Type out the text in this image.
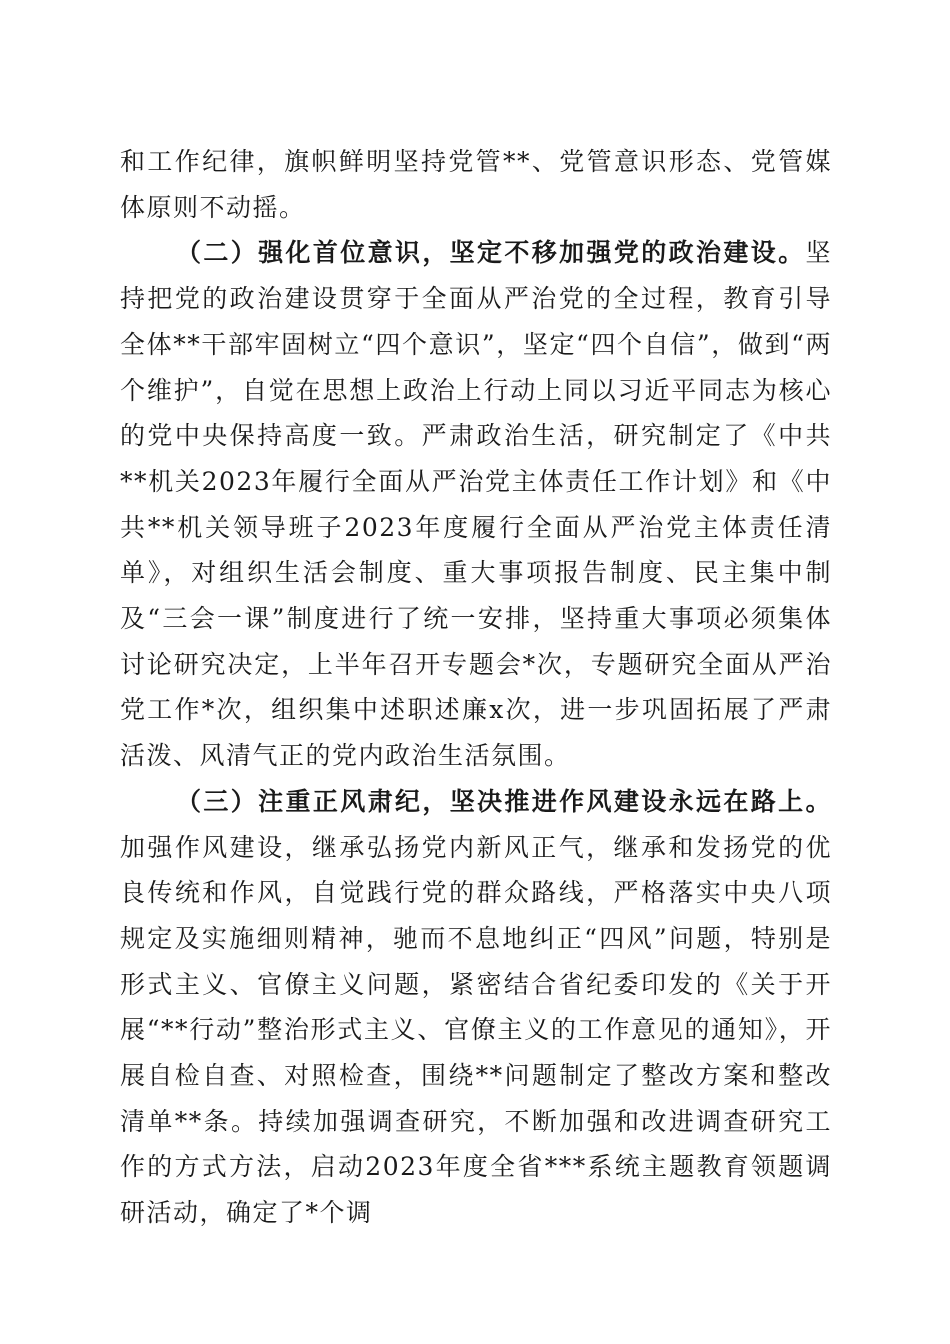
和工作纪律，旗帜鲜明坚持党管**、党管意识形态、党管媒体原则不动摇。

（二）强化首位意识，坚定不移加强党的政治建设。坚持把党的政治建设贯穿于全面从严治党的全过程，教育引导全体**干部牢固树立“四个意识”，坚定“四个自信”，做到“两个维护”，自觉在思想上政治上行动上同以习近平同志为核心的党中央保持高度一致。严肃政治生活，研究制定了《中共**机关2023年履行全面从严治党主体责任工作计划》和《中共**机关领导班子2023年度履行全面从严治党主体责任清单》，对组织生活会制度、重大事项报告制度、民主集中制及“三会一课”制度进行了统一安排，坚持重大事项必须集体讨论研究决定，上半年召开专题会*次，专题研究全面从严治党工作*次，组织集中述职述廉x次，进一步巩固拓展了严肃活泼、风清气正的党内政治生活氛围。

（三）注重正风肃纪，坚决推进作风建设永远在路上。加强作风建设，继承弘扬党内新风正气，继承和发扬党的优良传统和作风，自觉践行党的群众路线，严格落实中央八项规定及实施细则精神，驰而不息地纠正“四风”问题，特别是形式主义、官僚主义问题，紧密结合省纪委印发的《关于开展“**行动”整治形式主义、官僚主义的工作意见的通知》，开展自检自查、对照检查，围绕**问题制定了整改方案和整改清单**条。持续加强调查研究，不断加强和改进调查研究工作的方式方法，启动2023年度全省***系统主题教育领题调研活动，确定了*个调
